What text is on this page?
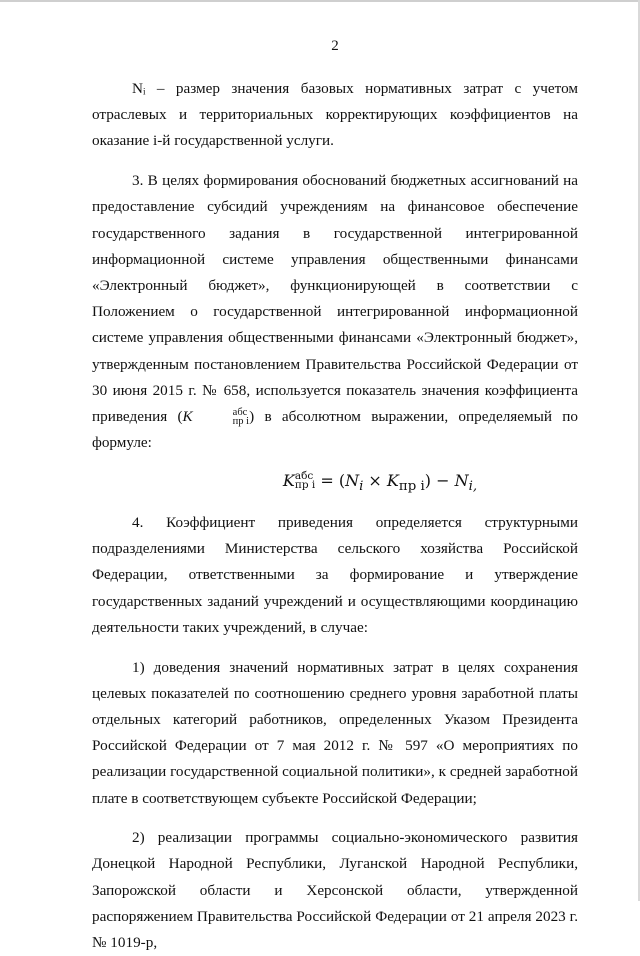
2

Nᵢ – размер значения базовых нормативных затрат с учетом отраслевых и территориальных корректирующих коэффициентов на оказание i-й государственной услуги.

3. В целях формирования обоснований бюджетных ассигнований на предоставление субсидий учреждениям на финансовое обеспечение государственного задания в государственной интегрированной информационной системе управления общественными финансами «Электронный бюджет», функционирующей в соответствии с Положением о государственной интегрированной информационной системе управления общественными финансами «Электронный бюджет», утвержденным постановлением Правительства Российской Федерации от 30 июня 2015 г. № 658, используется показатель значения коэффициента приведения (K	абс
пр i ) в абсолютном выражении, определяемый по формуле:

K абс
пр $i = (N_i \times K_{пр i}) - N_{i,}$

4. Коэффициент приведения определяется структурными подразделениями Министерства сельского хозяйства Российской Федерации, ответственными за формирование и утверждение государственных заданий учреждений и осуществляющими координацию деятельности таких учреждений, в случае:

1) доведения значений нормативных затрат в целях сохранения целевых показателей по соотношению среднего уровня заработной платы отдельных категорий работников, определенных Указом Президента Российской Федерации от 7 мая 2012 г. № 597 «О мероприятиях по реализации государственной социальной политики», к средней заработной плате в соответствующем субъекте Российской Федерации;

2) реализации программы социально-экономического развития Донецкой Народной Республики, Луганской Народной Республики, Запорожской области и Херсонской области, утвержденной распоряжением Правительства Российской Федерации от 21 апреля 2023 г. № 1019-р,
